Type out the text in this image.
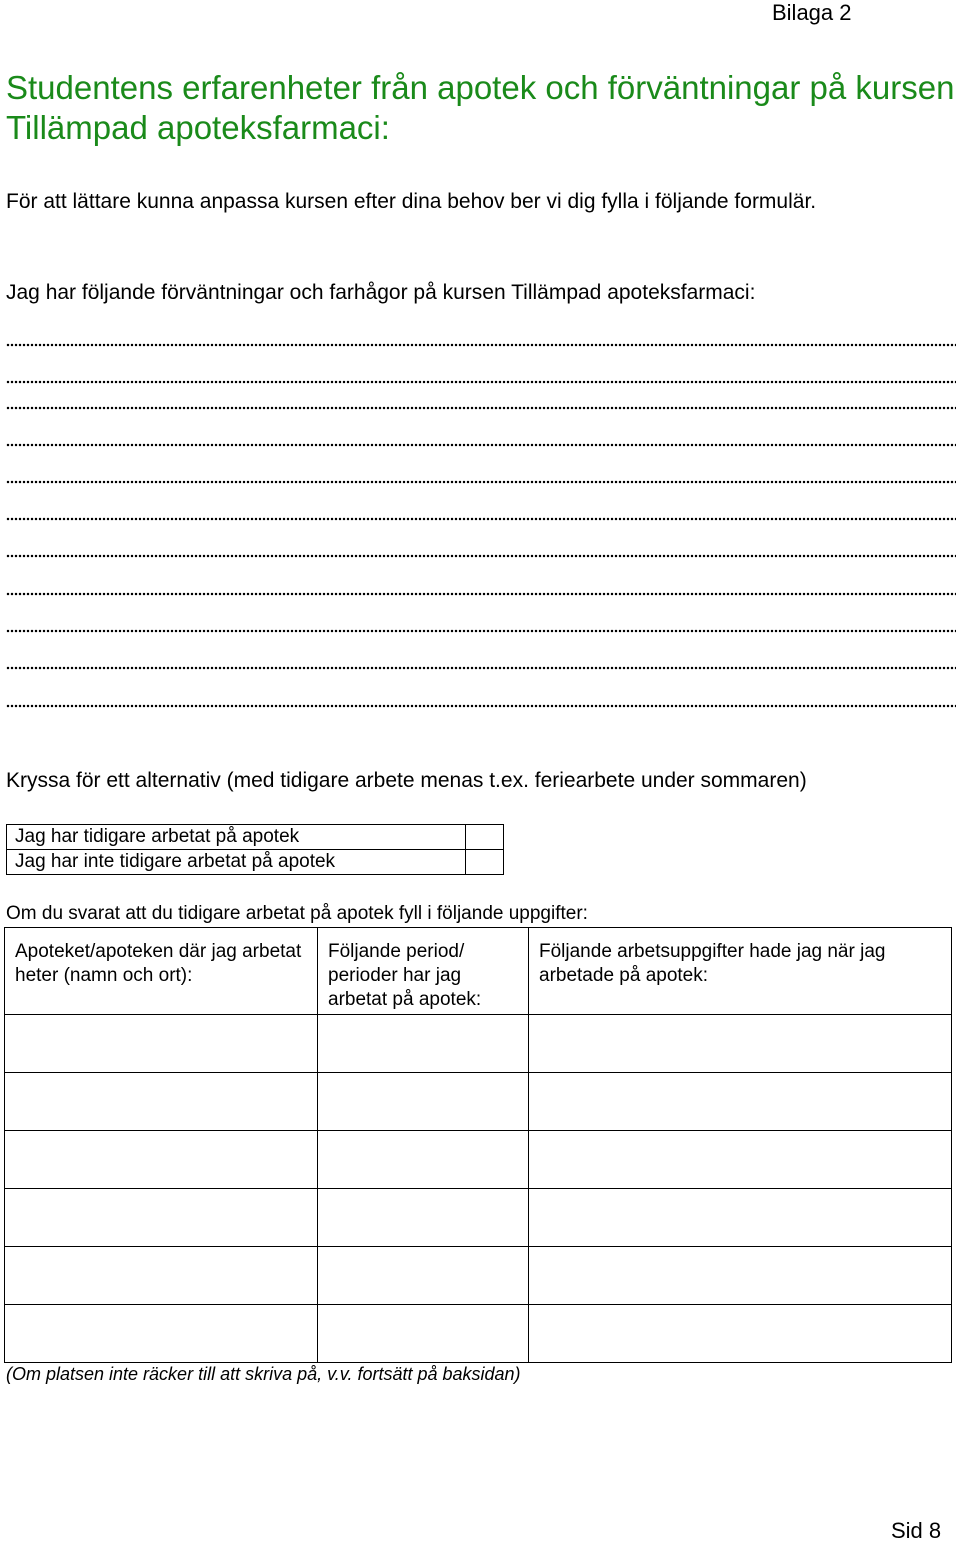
Bilaga 2
Studentens erfarenheter från apotek och förväntningar på kursen Tillämpad apoteksfarmaci:
För att lättare kunna anpassa kursen efter dina behov ber vi dig fylla i följande formulär.
Jag har följande förväntningar och farhågor på kursen Tillämpad apoteksfarmaci:
Kryssa för ett alternativ (med tidigare arbete menas t.ex. feriearbete under sommaren)
Jag har tidigare arbetat på apotek	
Jag har inte tidigare arbetat på apotek	
Om du svarat att du tidigare arbetat på apotek fyll i följande uppgifter:
Apoteket/apoteken där jag arbetat heter (namn och ort):	Följande period/ perioder har jag arbetat på apotek:	Följande arbetsuppgifter hade jag när jag arbetade på apotek:

(Om platsen inte räcker till att skriva på, v.v. fortsätt på baksidan)
Sid 8
